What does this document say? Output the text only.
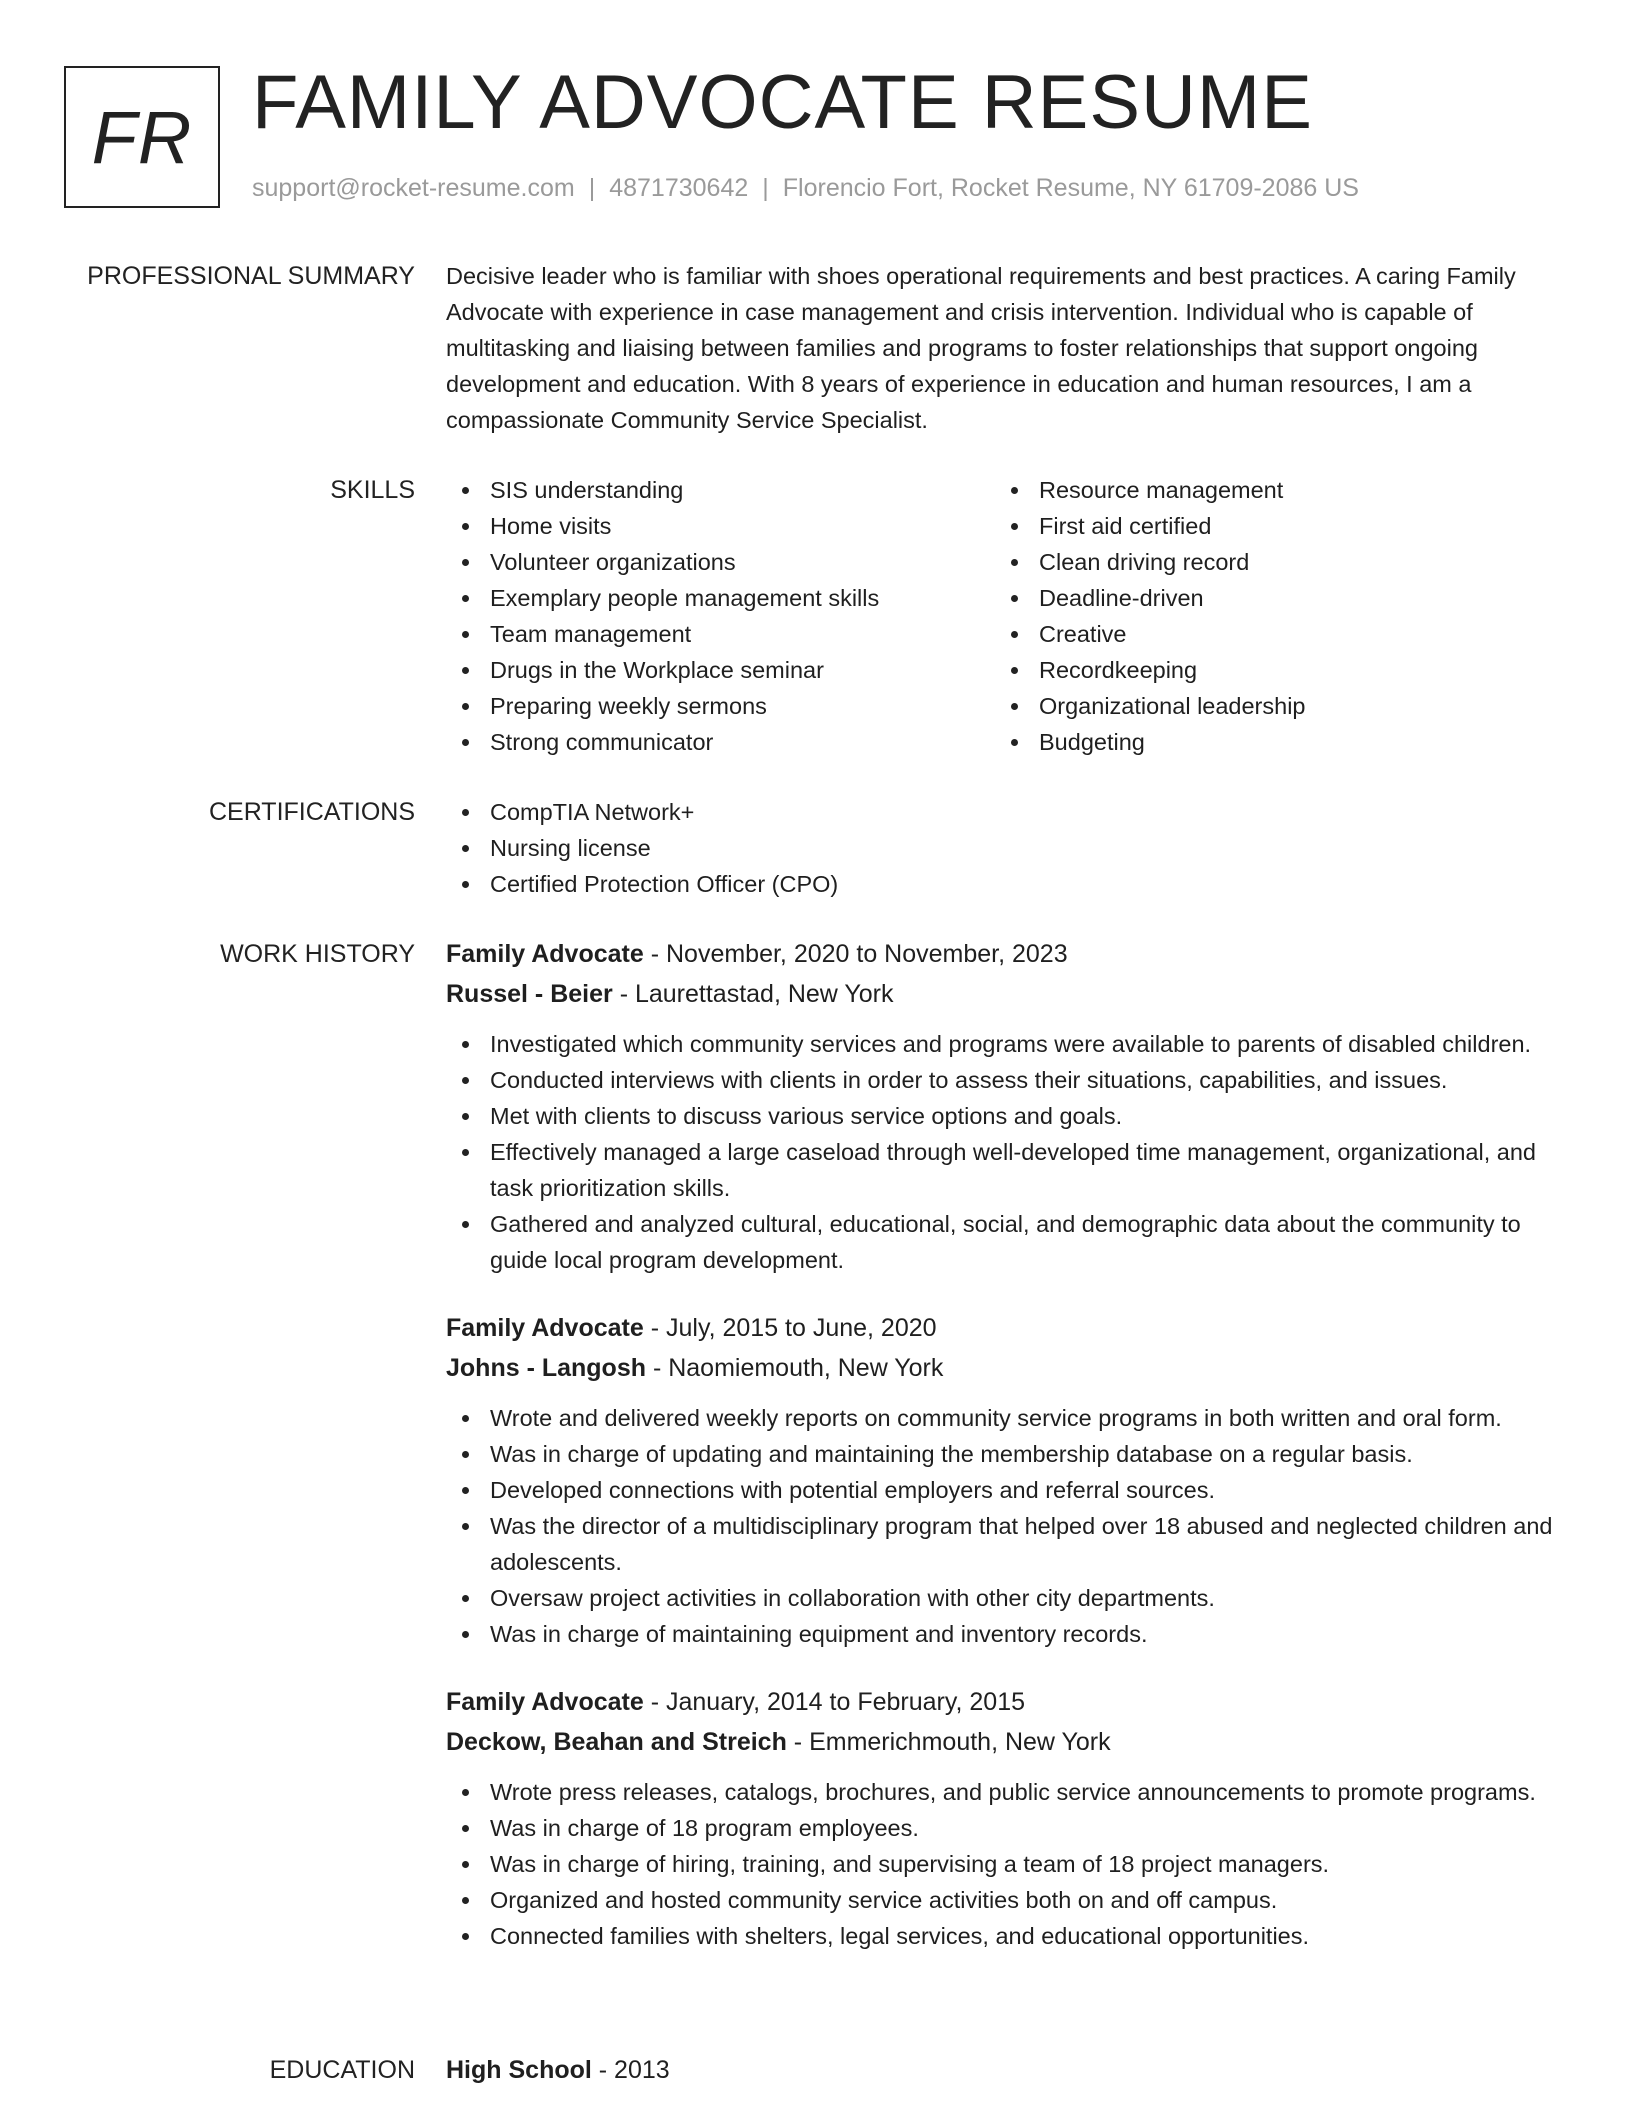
FR FAMILY ADVOCATE RESUME
support@rocket-resume.com | 4871730642 | Florencio Fort, Rocket Resume, NY 61709-2086 US
PROFESSIONAL SUMMARY Decisive leader who is familiar with shoes operational requirements and best practices. A caring Family Advocate with experience in case management and crisis intervention. Individual who is capable of multitasking and liaising between families and programs to foster relationships that support ongoing development and education. With 8 years of experience in education and human resources, I am a compassionate Community Service Specialist.

SKILLS	SIS understanding
Home visits
Volunteer organizations
Exemplary people management skills
Team management
Drugs in the Workplace seminar
Preparing weekly sermons
Strong communicator
Resource management
First aid certified
Clean driving record
Deadline-driven
Creative
Recordkeeping
Organizational leadership
Budgeting
CERTIFICATIONS	CompTIA Network+
Nursing license
Certified Protection Officer (CPO)
WORK HISTORY Family Advocate - November, 2020 to November, 2023
Russel - Beier - Laurettastad, New York
Investigated which community services and programs were available to parents of disabled children.
Conducted interviews with clients in order to assess their situations, capabilities, and issues.
Met with clients to discuss various service options and goals.
Effectively managed a large caseload through well-developed time management, organizational, and task prioritization skills.
Gathered and analyzed cultural, educational, social, and demographic data about the community to guide local program development.
Family Advocate - July, 2015 to June, 2020
Johns - Langosh - Naomiemouth, New York
Wrote and delivered weekly reports on community service programs in both written and oral form.
Was in charge of updating and maintaining the membership database on a regular basis.
Developed connections with potential employers and referral sources.
Was the director of a multidisciplinary program that helped over 18 abused and neglected children and adolescents.
Oversaw project activities in collaboration with other city departments.
Was in charge of maintaining equipment and inventory records.
Family Advocate - January, 2014 to February, 2015
Deckow, Beahan and Streich - Emmerichmouth, New York
Wrote press releases, catalogs, brochures, and public service announcements to promote programs.
Was in charge of 18 program employees.
Was in charge of hiring, training, and supervising a team of 18 project managers.
Organized and hosted community service activities both on and off campus.
Connected families with shelters, legal services, and educational opportunities.
EDUCATION High School - 2013
